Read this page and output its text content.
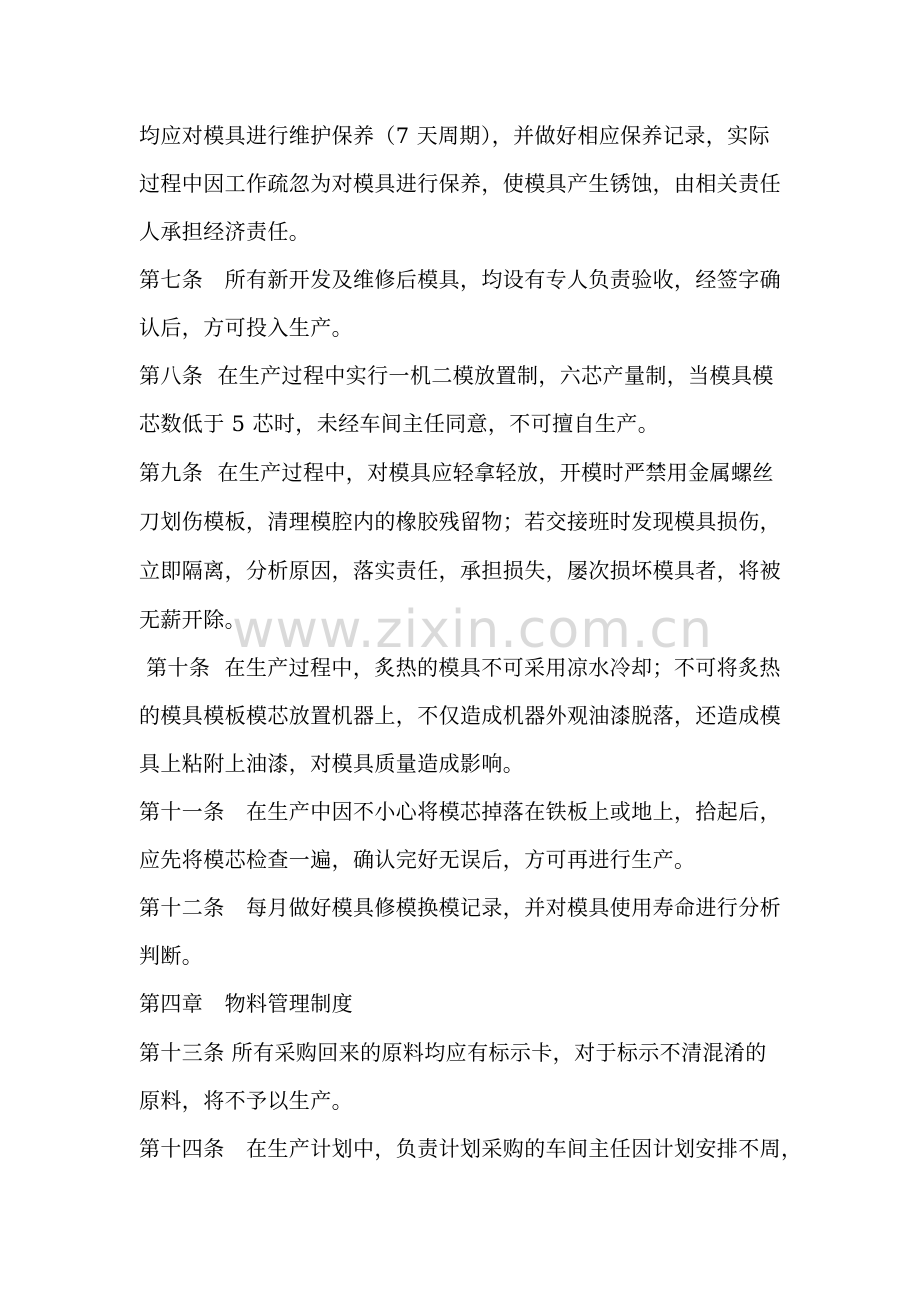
均应对模具进行维护保养（7 天周期），并做好相应保养记录，实际
过程中因工作疏忽为对模具进行保养，使模具产生锈蚀，由相关责任
人承担经济责任。
第七条　所有新开发及维修后模具，均设有专人负责验收，经签字确
认后，方可投入生产。
第八条  在生产过程中实行一机二模放置制，六芯产量制，当模具模
芯数低于 5 芯时，未经车间主任同意，不可擅自生产。
第九条  在生产过程中，对模具应轻拿轻放，开模时严禁用金属螺丝
刀划伤模板，清理模腔内的橡胶残留物；若交接班时发现模具损伤，
立即隔离，分析原因，落实责任，承担损失，屡次损坏模具者，将被
无薪开除。
第十条  在生产过程中，炙热的模具不可采用凉水冷却；不可将炙热
的模具模板模芯放置机器上，不仅造成机器外观油漆脱落，还造成模
具上粘附上油漆，对模具质量造成影响。
第十一条　在生产中因不小心将模芯掉落在铁板上或地上，拾起后，
应先将模芯检查一遍，确认完好无误后，方可再进行生产。
第十二条　每月做好模具修模换模记录，并对模具使用寿命进行分析
判断。
第四章　物料管理制度
第十三条 所有采购回来的原料均应有标示卡，对于标示不清混淆的
原料，将不予以生产。
第十四条　在生产计划中，负责计划采购的车间主任因计划安排不周，
www.zixin.com.cn
